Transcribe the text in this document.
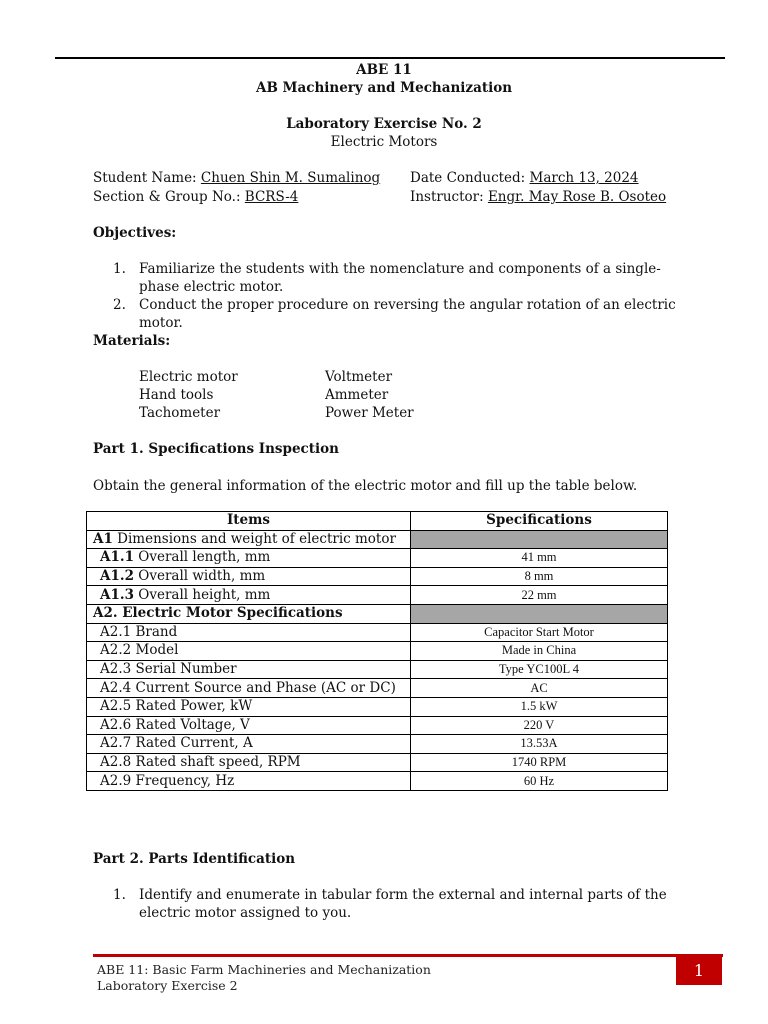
ABE 11
AB Machinery and Mechanization
Laboratory Exercise No. 2
Electric Motors
Student Name: Chuen Shin M. Sumalinog
Section & Group No.: BCRS-4
Date Conducted: March 13, 2024
Instructor: Engr. May Rose B. Osoteo
Objectives:
1. Familiarize the students with the nomenclature and components of a single-phase electric motor.
2. Conduct the proper procedure on reversing the angular rotation of an electric motor.
Materials:
Electric motor
Hand tools
Tachometer
Voltmeter
Ammeter
Power Meter
Part 1. Specifications Inspection
Obtain the general information of the electric motor and fill up the table below.
Items	Specifications
A1 Dimensions and weight of electric motor	
A1.1 Overall length, mm	41 mm
A1.2 Overall width, mm	8 mm
A1.3 Overall height, mm	22 mm
A2. Electric Motor Specifications	
A2.1 Brand	Capacitor Start Motor
A2.2 Model	Made in China
A2.3 Serial Number	Type YC100L 4
A2.4 Current Source and Phase (AC or DC)	AC
A2.5 Rated Power, kW	1.5 kW
A2.6 Rated Voltage, V	220 V
A2.7 Rated Current, A	13.53A
A2.8 Rated shaft speed, RPM	1740 RPM
A2.9 Frequency, Hz	60 Hz
Part 2. Parts Identification
1. Identify and enumerate in tabular form the external and internal parts of the electric motor assigned to you.
ABE 11: Basic Farm Machineries and Mechanization
Laboratory Exercise 2
1
